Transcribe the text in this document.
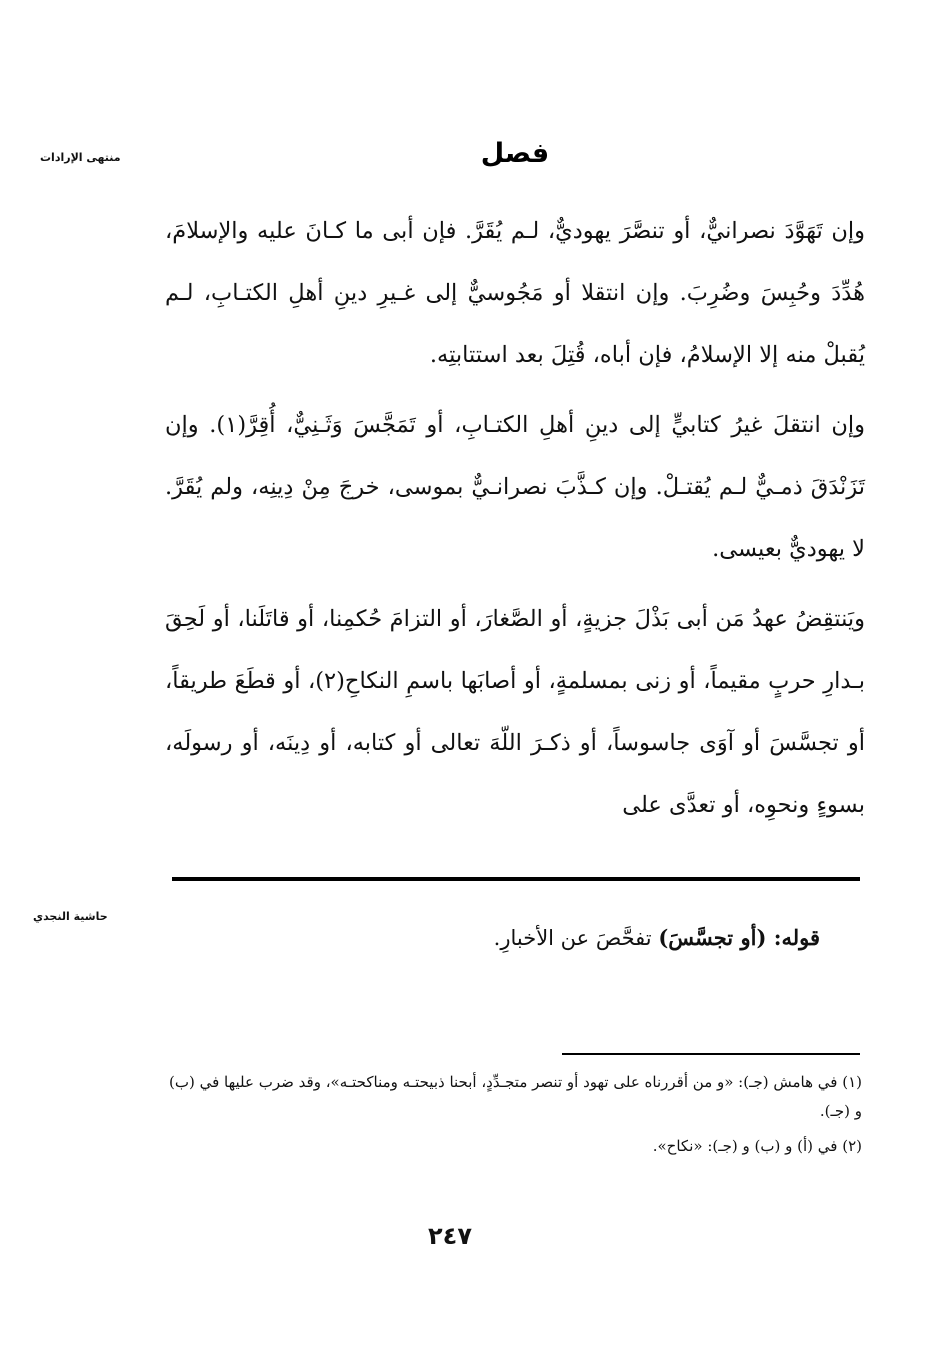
منتهى الإرادات	فصل

وإن تَهَوَّدَ نصرانيٌّ، أو تنصَّرَ يهوديٌّ، لـم يُقَرَّ. فإن أبى ما كـانَ عليه والإسلامَ، هُدِّدَ وحُبِسَ وضُرِبَ. وإن انتقلا أو مَجُوسيٌّ إلى غـيرِ دينِ أهلِ الكتـابِ، لـم يُقبلْ منه إلا الإسلامُ، فإن أباه، قُتِلَ بعد استتابتِه.

وإن انتقلَ غيرُ كتابيٍّ إلى دينِ أهلِ الكتـابِ، أو تَمَجَّسَ وَثَـنِيٌّ، أُقِرَّ(١). وإن تَزَنْدَقَ ذمـيٌّ لـم يُقتـلْ. وإن كـذَّبَ نصرانـيٌّ بموسى، خرجَ مِنْ دِينِه، ولم يُقَرَّ. لا يهوديٌّ بعيسى.

ويَنتقِضُ عهدُ مَن أبى بَذْلَ جزيةٍ، أو الصَّغارَ، أو التزامَ حُكمِنا، أو قاتَلَنا، أو لَحِقَ بـدارِ حربٍ مقيماً، أو زنى بمسلمةٍ، أو أصابَها باسمِ النكاحِ(٢)، أو قطَعَ طريقاً، أو تجسَّسَ أو آوَى جاسوساً، أو ذكـرَ اللّهَ تعالى أو كتابه، أو دِينَه، أو رسولَه، بسوءٍ ونحوِه، أو تعدَّى على

حاشية النجدي
قوله: (أو تجسَّسَ) تفحَّصَ عن الأخبارِ.

(١) في هامش (جـ): «و من أقررناه على تهود أو تنصر متجـدِّدٍ، أبحنا ذبيحتـه ومناكحتـه»، وقد ضرب عليها في (ب) و (جـ).

(٢) في (أ) و (ب) و (جـ): «نكاح».

٢٤٧
